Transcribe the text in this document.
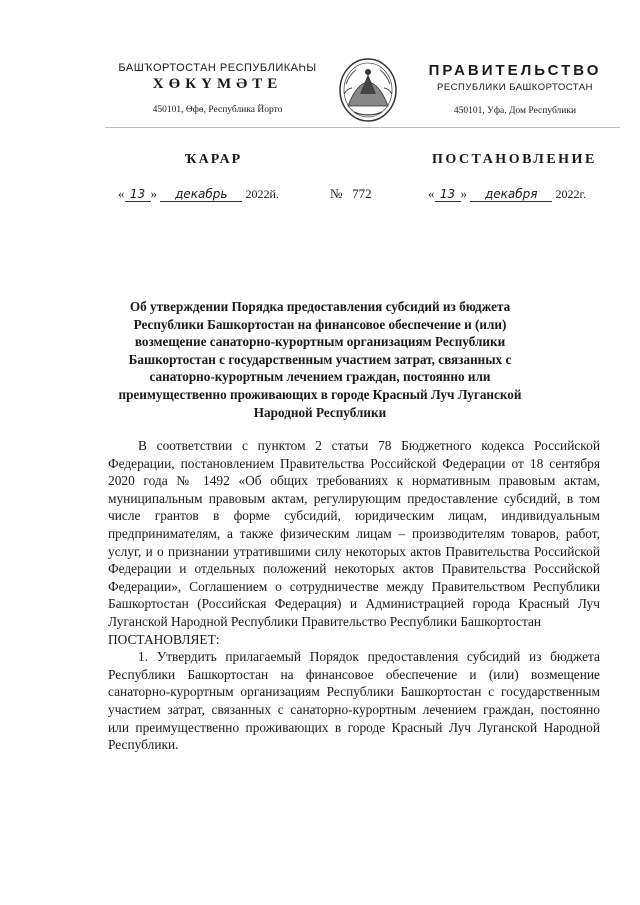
БАШҠОРТОСТАН РЕСПУБЛИКАҺЫ
ХӨКҮМӘТЕ
450101, Өфө, Республика Йорто
ПРАВИТЕЛЬСТВО
РЕСПУБЛИКИ БАШКОРТОСТАН
450101, Уфа, Дом Республики
ҠАРАР	ПОСТАНОВЛЕНИЕ
« 13 » декабрь 2022й.	№ 772	« 13 » декабря 2022г.
Об утверждении Порядка предоставления субсидий из бюджета Республики Башкортостан на финансовое обеспечение и (или) возмещение санаторно-курортным организациям Республики Башкортостан с государственным участием затрат, связанных с санаторно-курортным лечением граждан, постоянно или преимущественно проживающих в городе Красный Луч Луганской Народной Республики

В соответствии с пунктом 2 статьи 78 Бюджетного кодекса Российской Федерации, постановлением Правительства Российской Федерации от 18 сентября 2020 года № 1492 «Об общих требованиях к нормативным правовым актам, муниципальным правовым актам, регулирующим предоставление субсидий, в том числе грантов в форме субсидий, юридическим лицам, индивидуальным предпринимателям, а также физическим лицам – производителям товаров, работ, услуг, и о признании утратившими силу некоторых актов Правительства Российской Федерации и отдельных положений некоторых актов Правительства Российской Федерации», Соглашением о сотрудничестве между Правительством Республики Башкортостан (Российская Федерация) и Администрацией города Красный Луч Луганской Народной Республики Правительство Республики Башкортостан

ПОСТАНОВЛЯЕТ:

1. Утвердить прилагаемый Порядок предоставления субсидий из бюджета Республики Башкортостан на финансовое обеспечение и (или) возмещение санаторно-курортным организациям Республики Башкортостан с государственным участием затрат, связанных с санаторно-курортным лечением граждан, постоянно или преимущественно проживающих в городе Красный Луч Луганской Народной Республики.
